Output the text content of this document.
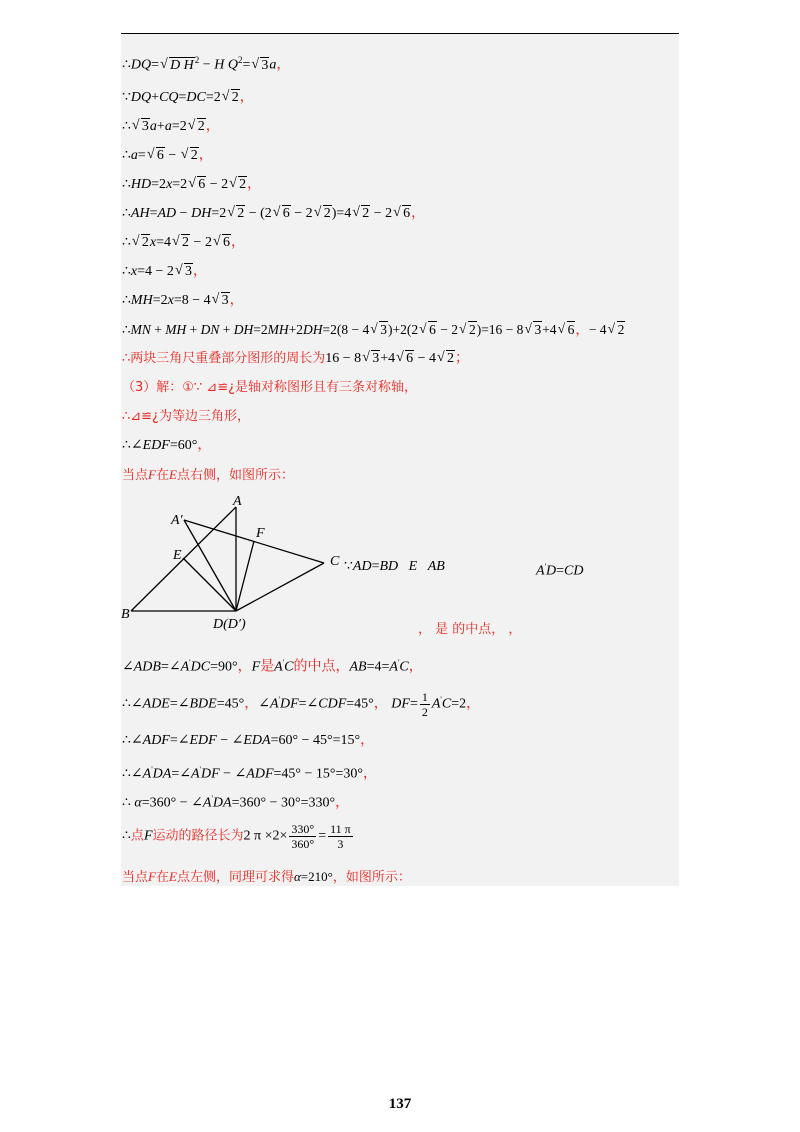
∴DQ=√ D $H^2 - H$ $Q^2=√$ 3a，
∵DQ+CQ=DC=2√ 2，
∴√ 3a+a=2√ 2，
∴a=√ 6 − √ 2，
∴HD=2x=2√ 6 − 2√ 2，
∴AH=AD − DH=2√ 2 − (2√ 6 − 2√ 2)=4√ 2 − 2√ 6，
∴√ 2x=4√ 2 − 2√ 6，
∴x=4 − 2√ 3，
∴MH=2x=8 − 4√ 3，
∴MN + MH + DN + DH=2MH+2DH=2(8 − 4√ 3)+2(2√ 6 − 2√ 2)=16 − 8√ 3+4√ 6，− 4√ 2
∴两块三角尺重叠部分图形的周长为16 − 8√ 3+4√ 6 − 4√ 2；
（3）解：①∵ ⊿≌¿是轴对称图形且有三条对称轴，
∴⊿≌¿为等边三角形，
∴∠EDF=60°，
当点F在E点右侧，如图所示：
A
A′
E
F
C
B
D(D′)
∵AD=BD E AB	A'D=CD
， 是 的中点， ，
∠ADB=∠A'DC=90°，F是A'C的中点，AB=4=A'C，
∴∠ADE=∠BDE=45°，∠A'DF=∠CDF=45°， $DF= \frac{1}{2} A'C=2$，
∴∠ADF=∠EDF − ∠EDA=60° − 45°=15°，
∴∠A'DA=∠A'DF − ∠ADF=45° − 15°=30°，
∴ α=360° − ∠A'DA=360° − 30°=330°，
∴点F运动的路径长为2 $\pi \times 2\times \frac{330^\circ}{360^\circ} = \frac{11 \pi}{3}$
当点F在E点左侧，同理可求得α=210°，如图所示：
137
